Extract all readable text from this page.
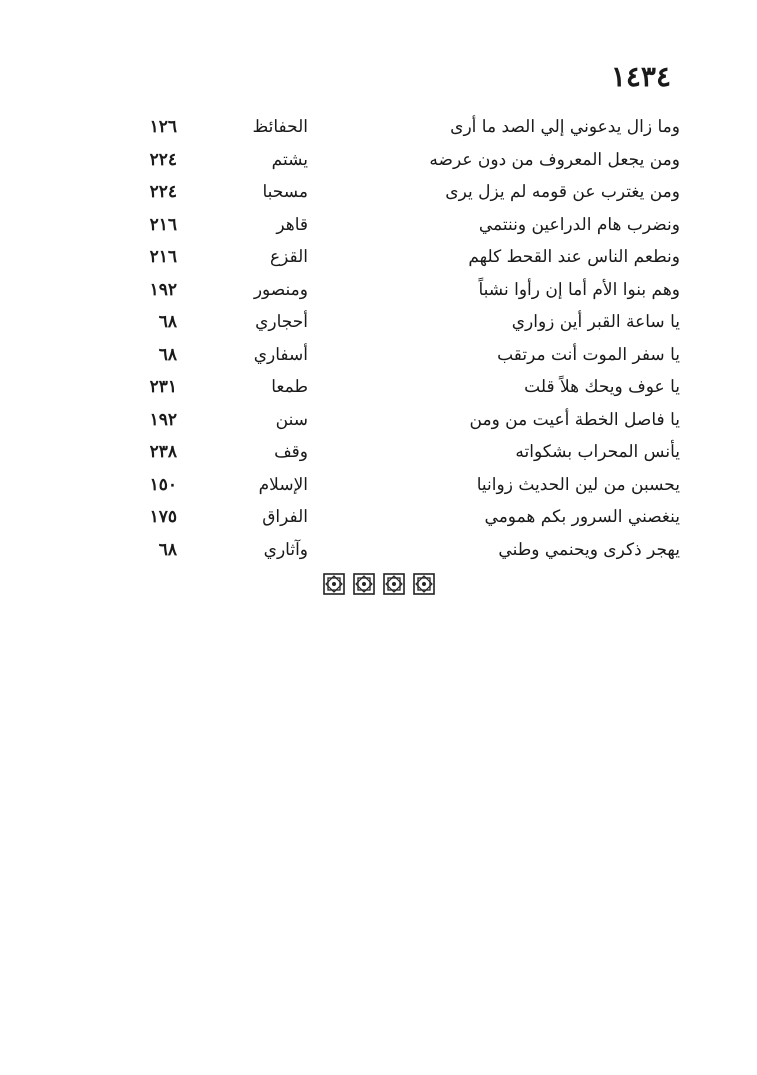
١٤٣٤
وما زال يدعوني إلي الصد ما أرى
الحفائظ
١٢٦
ومن يجعل المعروف من دون عرضه
يشتم
٢٢٤
ومن يغترب عن قومه لم يزل يرى
مسحبا
٢٢٤
ونضرب هام الدراعين وننتمي
قاهر
٢١٦
ونطعم الناس عند القحط كلهم
القزع
٢١٦
وهم بنوا الأم أما إن رأوا نشباً
ومنصور
١٩٢
يا ساعة القبر أين زواري
أحجاري
٦٨
يا سفر الموت أنت مرتقب
أسفاري
٦٨
يا عوف ويحك هلاً قلت
طمعا
٢٣١
يا فاصل الخطة أعيت من ومن
سنن
١٩٢
يأنس المحراب بشكواته
وقف
٢٣٨
يحسبن من لين الحديث زوانيا
الإسلام
١٥٠
ينغصني السرور بكم همومي
الفراق
١٧٥
يهجر ذكرى ويحنمي وطني
وآثاري
٦٨
